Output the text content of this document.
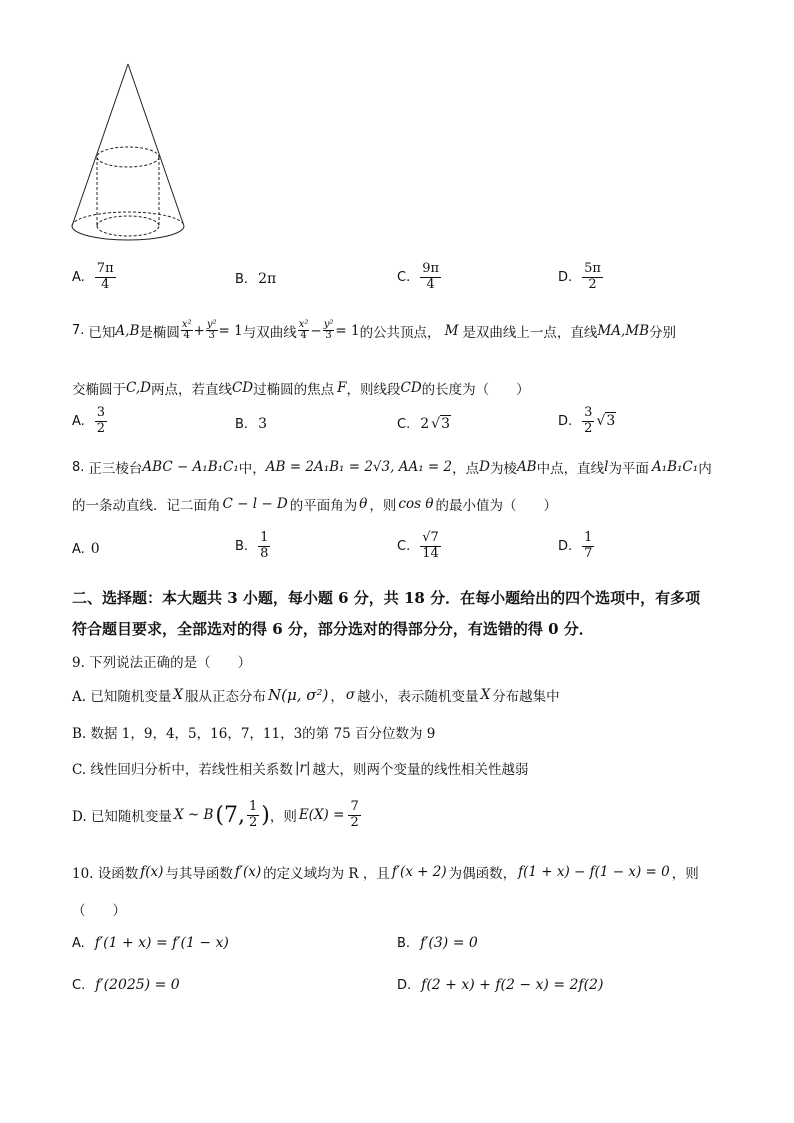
A. $\frac{7\pi}{4}$	B. 2π	C. $\frac{9\pi}{4}$	D. $\frac{5\pi}{2}$
7. 已知 A,B 是椭圆 $\frac{\text{x²}}{4} + \frac{\text{y²}}{3} = 1$ 与双曲线 $\frac{\text{x²}}{4} - \frac{\text{y²}}{3} = 1$ 的公共顶点， M 是双曲线上一点，直线 MA,MB 分别
交椭圆于 C,D 两点，若直线 CD 过椭圆的焦点 F ，则线段 CD 的长度为（　　）
A. $\frac{3}{2}$	B. 3	C. 2 √3	D. $\frac{3}{2} √3$
8. 正三棱台 ABC − A₁B₁C₁ 中， AB = 2A₁B₁ = 2√3, AA₁ = 2 ，点 D 为棱 AB 中点，直线 l 为平面 A₁B₁C₁ 内
的一条动直线．记二面角 C − l − D 的平面角为 θ ，则 cos θ 的最小值为（　　）
A. 0	B. $\frac{1}{8}$	C. $\frac{√7}{14}$	D. $\frac{1}{7}$
二、选择题：本大题共 3 小题，每小题 6 分，共 18 分．在每小题给出的四个选项中，有多项
符合题目要求，全部选对的得 6 分，部分选对的得部分分，有选错的得 0 分．
9. 下列说法正确的是（　　）
A. 已知随机变量 X 服从正态分布 N(μ, σ²) ， σ 越小，表示随机变量 X 分布越集中
B. 数据 1，9，4，5，16，7，11，3的第 75 百分位数为 9
C. 线性回归分析中，若线性相关系数 |r| 越大，则两个变量的线性相关性越弱
D. 已知随机变量 X ~ B (7, $\frac{1}{2}$ ) ，则 $E(X) = \frac{7}{2}$
10. 设函数 f(x) 与其导函数 f′(x) 的定义域均为 R ，且 f′(x + 2) 为偶函数， f(1 + x) − f(1 − x) = 0 ，则
（　　）
A. f′(1 + x) = f′(1 − x)	B. f′(3) = 0
C. f′(2025) = 0	D. f(2 + x) + f(2 − x) = 2f(2)
